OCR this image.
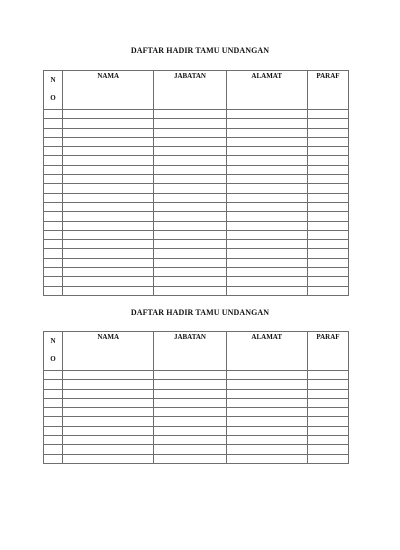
DAFTAR HADIR TAMU UNDANGAN
N
O	NAMA	JABATAN	ALAMAT	PARAF

DAFTAR HADIR TAMU UNDANGAN
N
O	NAMA	JABATAN	ALAMAT	PARAF
